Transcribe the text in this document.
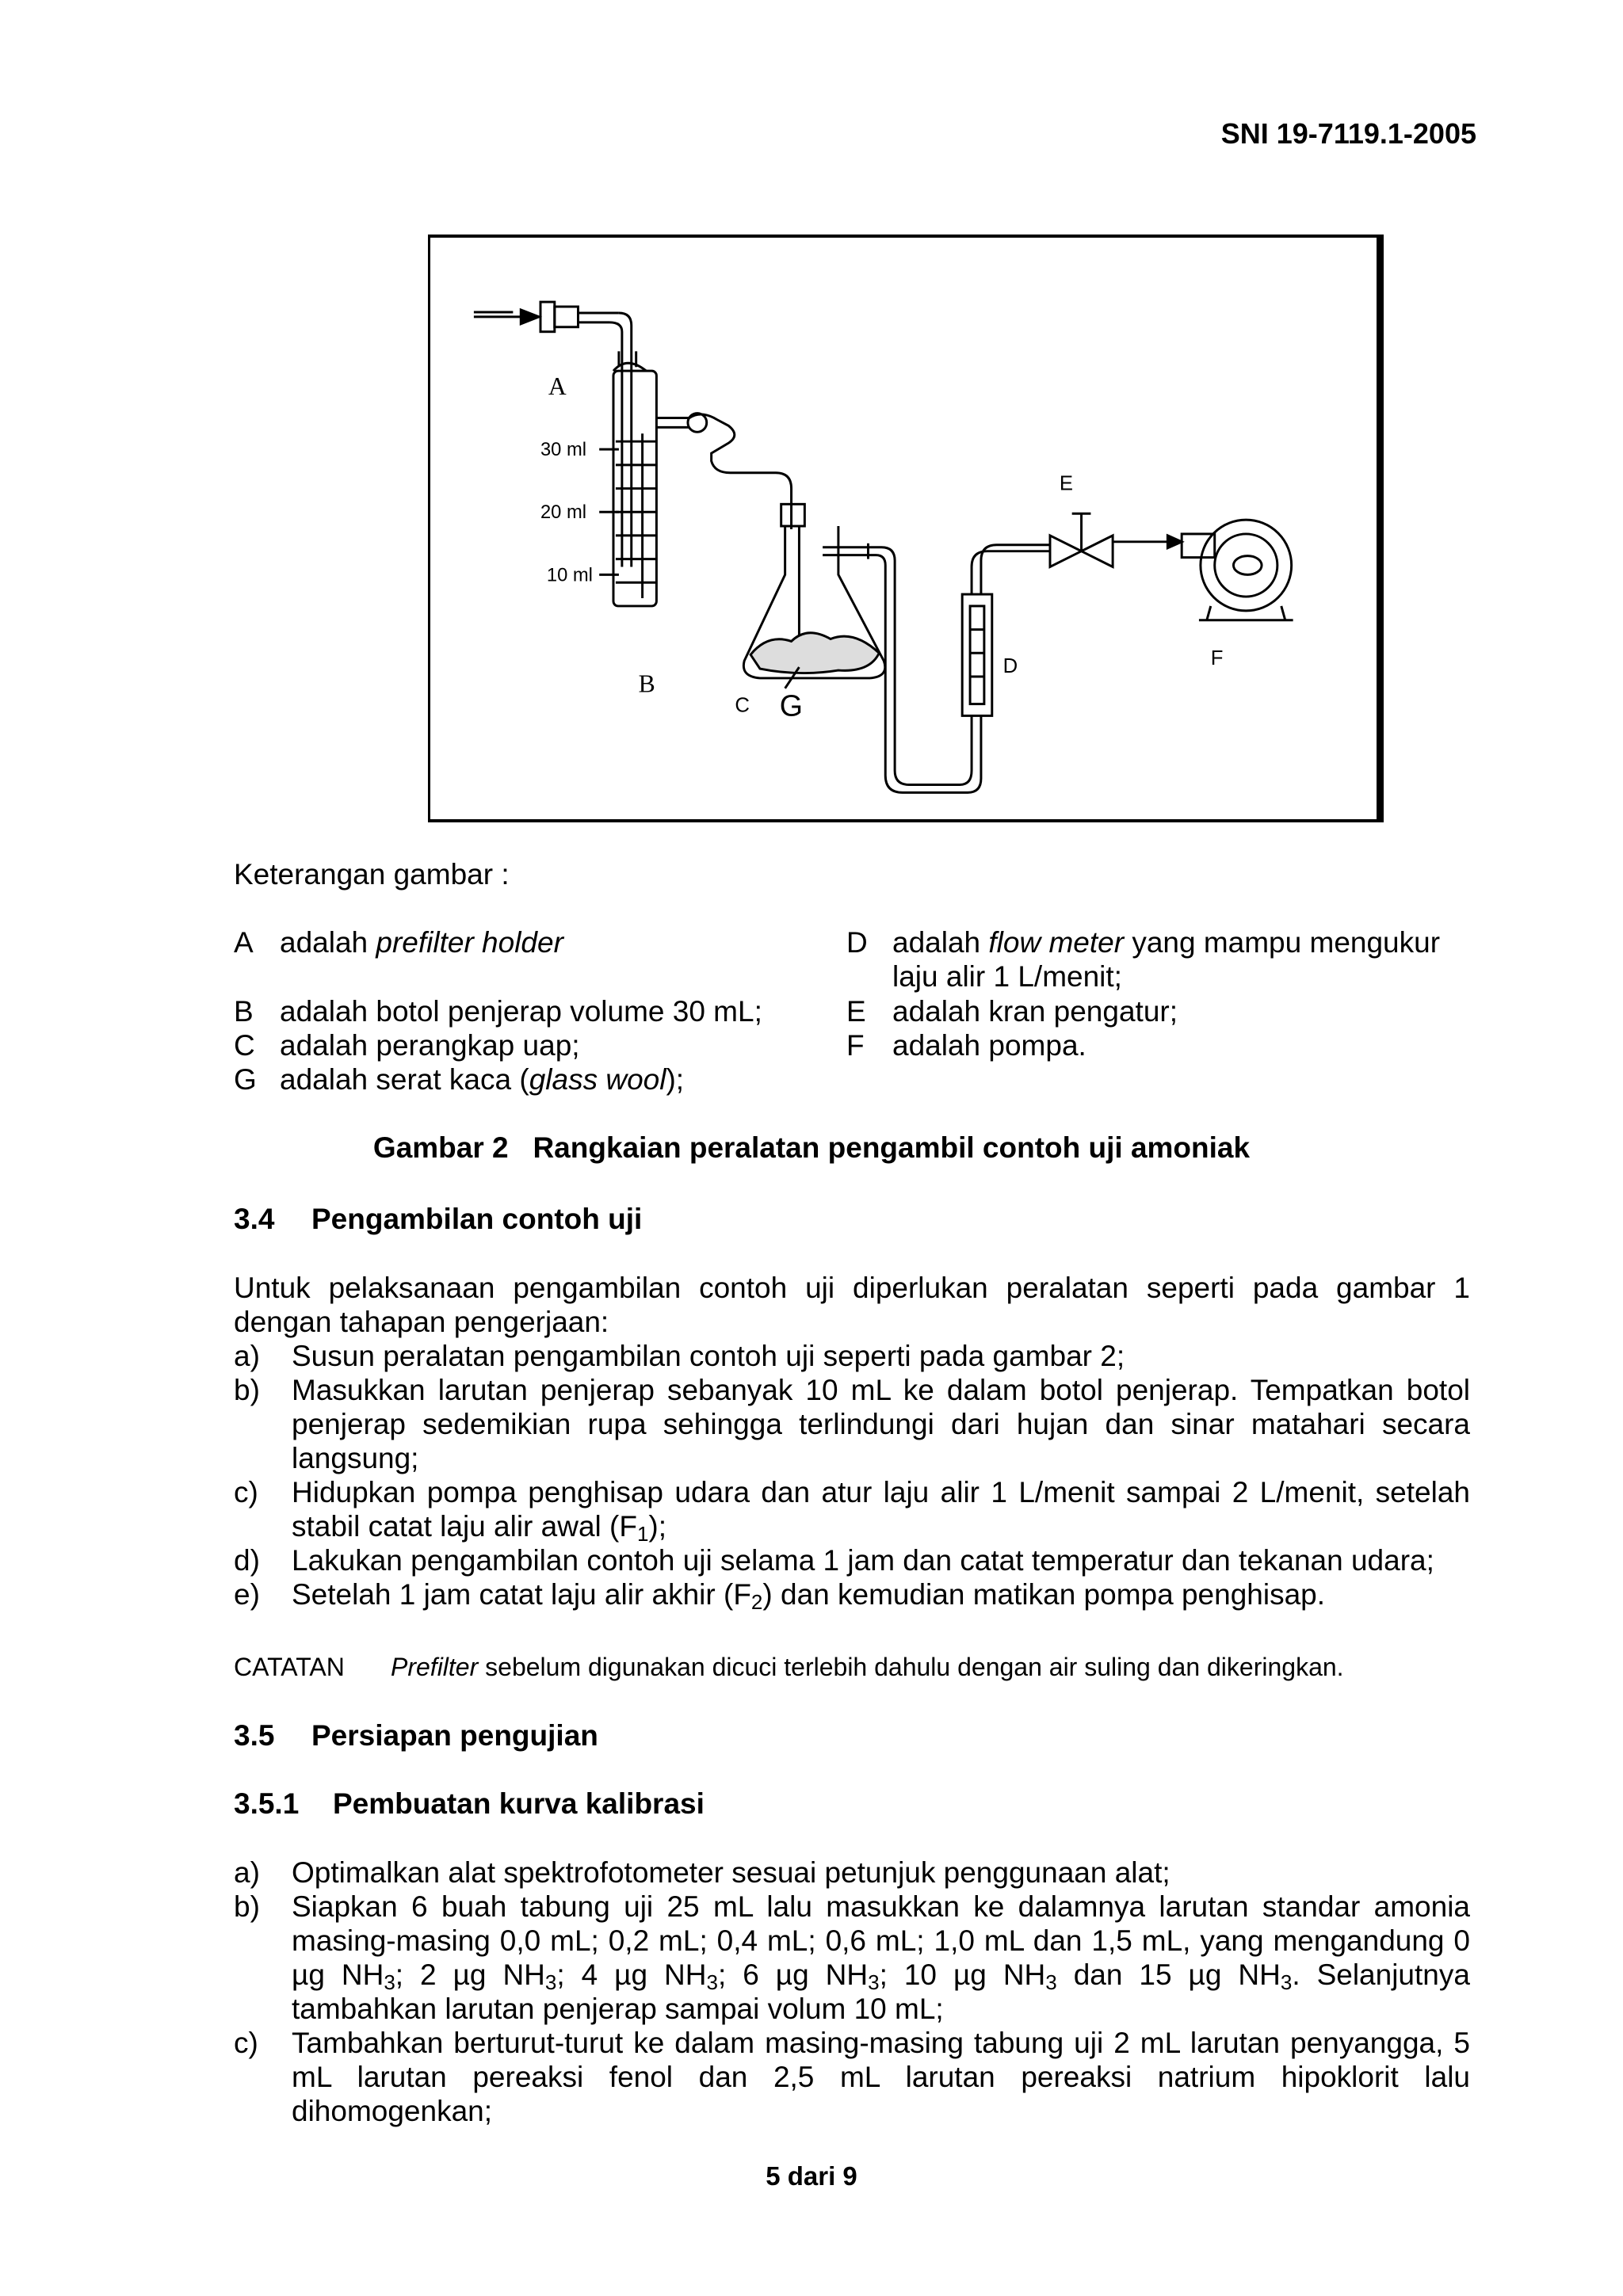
SNI 19-7119.1-2005
A
30 ml
20 ml
10 ml
B
C G
D
E
F
Keterangan gambar :
A adalah prefilter holder
B adalah botol penjerap volume 30 mL;
C adalah perangkap uap;
G adalah serat kaca (glass wool);
D adalah flow meter yang mampu mengukur
laju alir 1 L/menit;
E adalah kran pengatur;
F adalah pompa.
Gambar 2   Rangkaian peralatan pengambil contoh uji amoniak
3.4 Pengambilan contoh uji
Untuk pelaksanaan pengambilan contoh uji diperlukan peralatan seperti pada gambar 1 dengan tahapan pengerjaan:
a) Susun peralatan pengambilan contoh uji seperti pada gambar 2;
b) Masukkan larutan penjerap sebanyak 10 mL ke dalam botol penjerap. Tempatkan botol penjerap sedemikian rupa sehingga terlindungi dari hujan dan sinar matahari secara langsung;
c) Hidupkan pompa penghisap udara dan atur laju alir 1 L/menit sampai 2 L/menit, setelah stabil catat laju alir awal $(F_1)$;
d) Lakukan pengambilan contoh uji selama 1 jam dan catat temperatur dan tekanan udara;
e) Setelah 1 jam catat laju alir akhir $(F_2)$ dan kemudian matikan pompa penghisap.
CATATAN Prefilter sebelum digunakan dicuci terlebih dahulu dengan air suling dan dikeringkan.
3.5 Persiapan pengujian
3.5.1 Pembuatan kurva kalibrasi
a) Optimalkan alat spektrofotometer sesuai petunjuk penggunaan alat;
b) Siapkan 6 buah tabung uji 25 mL lalu masukkan ke dalamnya larutan standar amonia masing-masing 0,0 mL; 0,2 mL; 0,4 mL; 0,6 mL; 1,0 mL dan 1,5 mL, yang mengandung 0 µg $NH_3$; 2 µg $NH_3$; 4 µg $NH_3$; 6 µg $NH_3$; 10 µg $NH_3$ dan 15 µg $NH_3$. Selanjutnya tambahkan larutan penjerap sampai volum 10 mL;
c) Tambahkan berturut-turut ke dalam masing-masing tabung uji 2 mL larutan penyangga, 5 mL larutan pereaksi fenol dan 2,5 mL larutan pereaksi natrium hipoklorit lalu dihomogenkan;
5 dari 9
